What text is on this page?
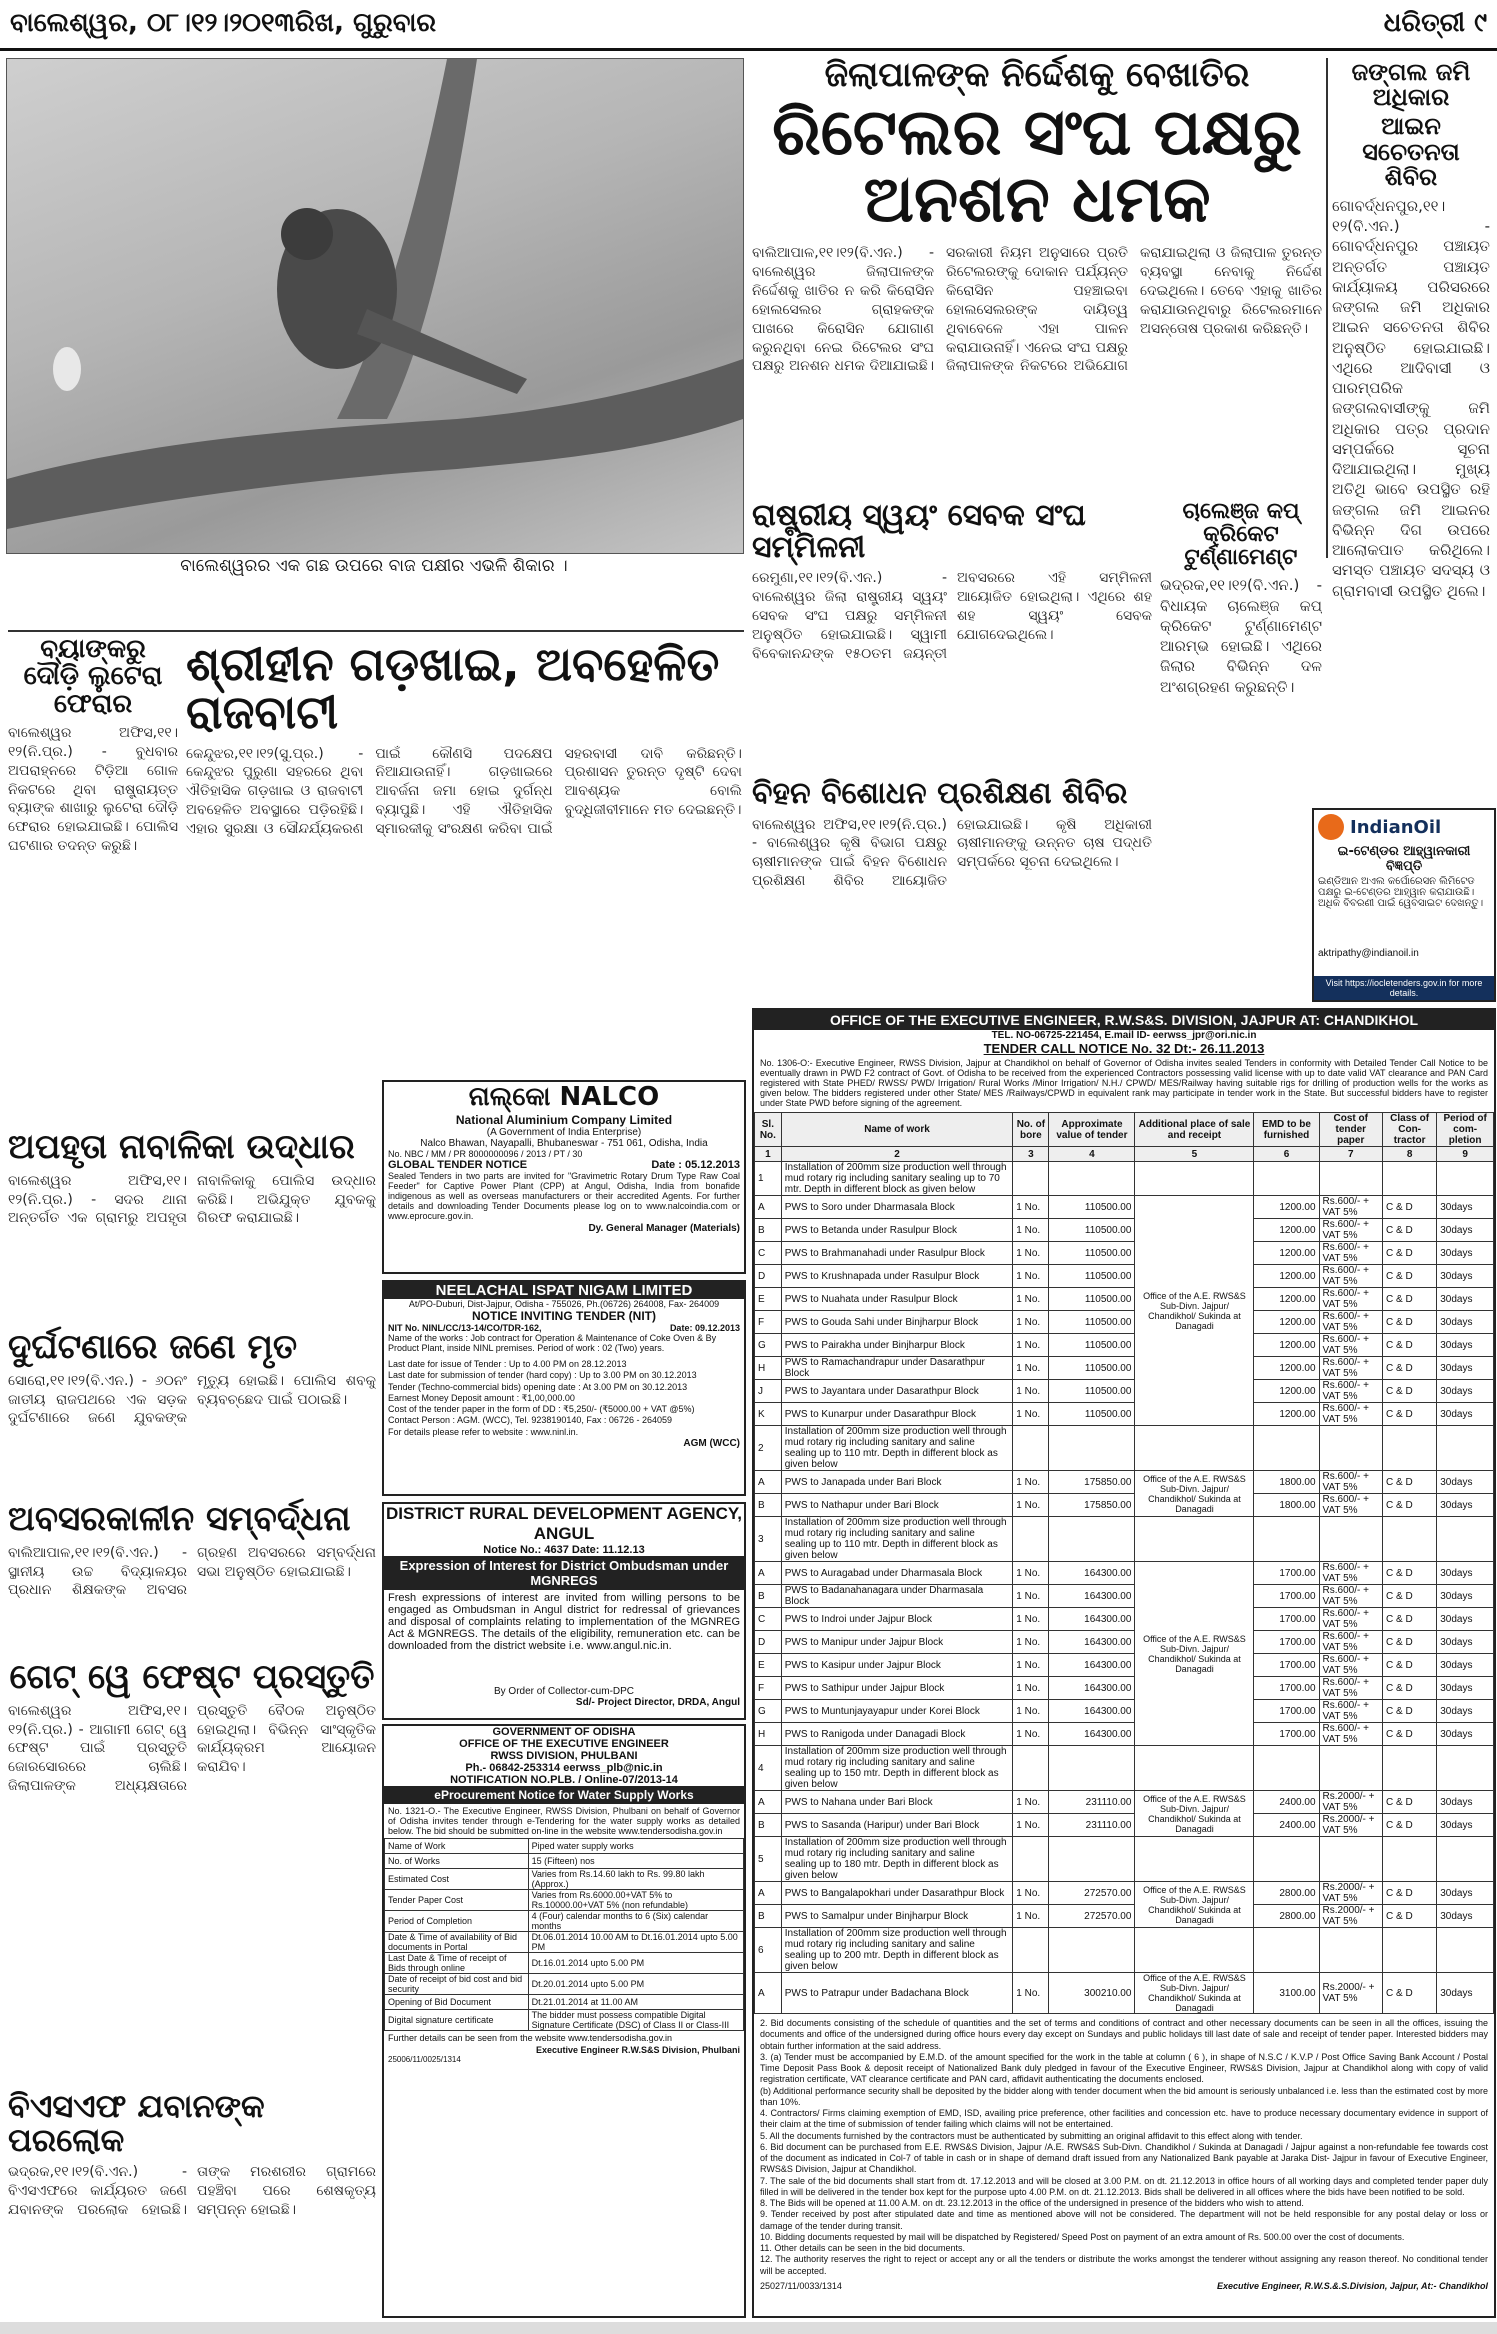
ବାଲେଶ୍ୱର, ୦୮।୧୨।୨୦୧୩ରିଖ, ଗୁରୁବାର	ଧରିତ୍ରୀ ୯
ବାଲେଶ୍ୱରର ଏକ ଗଛ ଉପରେ ବାଜ ପକ୍ଷୀର ଏଭଳି ଶିକାର ।
ଜିଲାପାଳଙ୍କ ନିର୍ଦ୍ଦେଶକୁ ବେଖାତିର
ରିଟେଲର ସଂଘ ପକ୍ଷରୁ ଅନଶନ ଧମକ
ବାଲିଆପାଳ,୧୧।୧୨(ବି.ଏନ.) - ବାଲେଶ୍ୱର ଜିଲାପାଳଙ୍କ ନିର୍ଦ୍ଦେଶକୁ ଖାତିର ନ କରି କିରୋସିନ ହୋଲସେଲର ଗ୍ରାହକଙ୍କ ପାଖରେ କିରୋସିନ ଯୋଗାଣ କରୁନଥିବା ନେଇ ରିଟେଲର ସଂଘ ପକ୍ଷରୁ ଅନଶନ ଧମକ ଦିଆଯାଇଛି। ସରକାରୀ ନିୟମ ଅନୁସାରେ ପ୍ରତି ରିଟେଲରଙ୍କୁ ଦୋକାନ ପର୍ଯ୍ୟନ୍ତ କିରୋସିନ ପହଞ୍ଚାଇବା ହୋଲସେଲରଙ୍କ ଦାୟିତ୍ୱ ଥିବାବେଳେ ଏହା ପାଳନ କରାଯାଉନାହିଁ। ଏନେଇ ସଂଘ ପକ୍ଷରୁ ଜିଲାପାଳଙ୍କ ନିକଟରେ ଅଭିଯୋଗ କରାଯାଇଥିଲା ଓ ଜିଲାପାଳ ତୁରନ୍ତ ବ୍ୟବସ୍ଥା ନେବାକୁ ନିର୍ଦ୍ଦେଶ ଦେଇଥିଲେ। ତେବେ ଏହାକୁ ଖାତିର କରାଯାଉନଥିବାରୁ ରିଟେଲରମାନେ ଅସନ୍ତୋଷ ପ୍ରକାଶ କରିଛନ୍ତି।
ଜଙ୍ଗଲ ଜମି ଅଧିକାର
ଆଇନ ସଚେତନତା ଶିବିର
ଗୋବର୍ଦ୍ଧନପୁର,୧୧।୧୨(ବି.ଏନ.) - ଗୋବର୍ଦ୍ଧନପୁର ପଞ୍ଚାୟତ ଅନ୍ତର୍ଗତ ପଞ୍ଚାୟତ କାର୍ଯ୍ୟାଳୟ ପରିସରରେ ଜଙ୍ଗଲ ଜମି ଅଧିକାର ଆଇନ ସଚେତନତା ଶିବିର ଅନୁଷ୍ଠିତ ହୋଇଯାଇଛି। ଏଥିରେ ଆଦିବାସୀ ଓ ପାରମ୍ପରିକ ଜଙ୍ଗଲବାସୀଙ୍କୁ ଜମି ଅଧିକାର ପତ୍ର ପ୍ରଦାନ ସମ୍ପର୍କରେ ସୂଚନା ଦିଆଯାଇଥିଲା। ମୁଖ୍ୟ ଅତିଥି ଭାବେ ଉପସ୍ଥିତ ରହି ଜଙ୍ଗଲ ଜମି ଆଇନର ବିଭିନ୍ନ ଦିଗ ଉପରେ ଆଲୋକପାତ କରିଥିଲେ। ସମସ୍ତ ପଞ୍ଚାୟତ ସଦସ୍ୟ ଓ ଗ୍ରାମବାସୀ ଉପସ୍ଥିତ ଥିଲେ।
ରାଷ୍ଟ୍ରୀୟ ସ୍ୱୟଂ ସେବକ ସଂଘ ସମ୍ମିଳନୀ
ରେମୁଣା,୧୧।୧୨(ବି.ଏନ.) - ବାଲେଶ୍ୱର ଜିଲା ରାଷ୍ଟ୍ରୀୟ ସ୍ୱୟଂ ସେବକ ସଂଘ ପକ୍ଷରୁ ସମ୍ମିଳନୀ ଅନୁଷ୍ଠିତ ହୋଇଯାଇଛି। ସ୍ୱାମୀ ବିବେକାନନ୍ଦଙ୍କ ୧୫୦ତମ ଜୟନ୍ତୀ ଅବସରରେ ଏହି ସମ୍ମିଳନୀ ଆୟୋଜିତ ହୋଇଥିଲା। ଏଥିରେ ଶହ ଶହ ସ୍ୱୟଂ ସେବକ ଯୋଗଦେଇଥିଲେ।
ଚାଲେଞ୍ଜ କପ୍ କ୍ରିକେଟ ଟୁର୍ଣ୍ଣାମେଣ୍ଟ
ଭଦ୍ରକ,୧୧।୧୨(ବି.ଏନ.) - ବିଧାୟକ ଚାଲେଞ୍ଜ କପ୍ କ୍ରିକେଟ ଟୁର୍ଣ୍ଣାମେଣ୍ଟ ଆରମ୍ଭ ହୋଇଛି। ଏଥିରେ ଜିଲାର ବିଭିନ୍ନ ଦଳ ଅଂଶଗ୍ରହଣ କରୁଛନ୍ତି।
ବିହନ ବିଶୋଧନ ପ୍ରଶିକ୍ଷଣ ଶିବିର
ବାଲେଶ୍ୱର ଅଫିସ,୧୧।୧୨(ନି.ପ୍ର.) - ବାଲେଶ୍ୱର କୃଷି ବିଭାଗ ପକ୍ଷରୁ ଚାଷୀମାନଙ୍କ ପାଇଁ ବିହନ ବିଶୋଧନ ପ୍ରଶିକ୍ଷଣ ଶିବିର ଆୟୋଜିତ ହୋଇଯାଇଛି। କୃଷି ଅଧିକାରୀ ଚାଷୀମାନଙ୍କୁ ଉନ୍ନତ ଚାଷ ପଦ୍ଧତି ସମ୍ପର୍କରେ ସୂଚନା ଦେଇଥିଲେ।
IndianOil
ଇ-ଟେଣ୍ଡର ଆହ୍ୱାନକାରୀ ବିଜ୍ଞପ୍ତି
ଇଣ୍ଡିଆନ ଅଏଲ କର୍ପୋରେସନ ଲିମିଟେଡ ପକ୍ଷରୁ ଇ-ଟେଣ୍ଡର ଆହ୍ୱାନ କରାଯାଉଛି। ଅଧିକ ବିବରଣୀ ପାଇଁ ୱେବସାଇଟ ଦେଖନ୍ତୁ।
aktripathy@indianoil.in
Visit https://iocletenders.gov.in for more details.
ବ୍ୟାଙ୍କରୁ ଦୌଡ଼ି ଲୁଟେରା ଫେରାର
ବାଲେଶ୍ୱର ଅଫିସ,୧୧।୧୨(ନି.ପ୍ର.) - ବୁଧବାର ଅପରାହ୍ନରେ ଟିଡ଼ିଆ ଗୋଳ ନିକଟରେ ଥିବା ରାଷ୍ଟ୍ରାୟତ୍ତ ବ୍ୟାଙ୍କ ଶାଖାରୁ ଲୁଟେରା ଦୌଡ଼ି ଫେରାର ହୋଇଯାଇଛି। ପୋଲିସ ଘଟଣାର ତଦନ୍ତ କରୁଛି।
ଶ୍ରୀହୀନ ଗଡ଼ଖାଇ, ଅବହେଳିତ ରାଜବାଟୀ
କେନ୍ଦୁଝର,୧୧।୧୨(ସୁ.ପ୍ର.) - କେନ୍ଦୁଝର ପୁରୁଣା ସହରରେ ଥିବା ଐତିହାସିକ ଗଡ଼ଖାଇ ଓ ରାଜବାଟୀ ଅବହେଳିତ ଅବସ୍ଥାରେ ପଡ଼ିରହିଛି। ଏହାର ସୁରକ୍ଷା ଓ ସୌନ୍ଦର୍ଯ୍ୟକରଣ ପାଇଁ କୌଣସି ପଦକ୍ଷେପ ନିଆଯାଉନାହିଁ। ଗଡ଼ଖାଇରେ ଆବର୍ଜନା ଜମା ହୋଇ ଦୁର୍ଗନ୍ଧ ବ୍ୟାପୁଛି। ଏହି ଐତିହାସିକ ସ୍ମାରକୀକୁ ସଂରକ୍ଷଣ କରିବା ପାଇଁ ସହରବାସୀ ଦାବି କରିଛନ୍ତି। ପ୍ରଶାସନ ତୁରନ୍ତ ଦୃଷ୍ଟି ଦେବା ଆବଶ୍ୟକ ବୋଲି ବୁଦ୍ଧିଜୀବୀମାନେ ମତ ଦେଇଛନ୍ତି।
ଅପହୃତା ନାବାଳିକା ଉଦ୍ଧାର
ବାଲେଶ୍ୱର ଅଫିସ,୧୧।୧୨(ନି.ପ୍ର.) - ସଦର ଥାନା ଅନ୍ତର୍ଗତ ଏକ ଗ୍ରାମରୁ ଅପହୃତା ନାବାଳିକାକୁ ପୋଲିସ ଉଦ୍ଧାର କରିଛି। ଅଭିଯୁକ୍ତ ଯୁବକକୁ ଗିରଫ କରାଯାଇଛି।
ଦୁର୍ଘଟଣାରେ ଜଣେ ମୃତ
ସୋରୋ,୧୧।୧୨(ବି.ଏନ.) - ୬୦ନଂ ଜାତୀୟ ରାଜପଥରେ ଏକ ସଡ଼କ ଦୁର୍ଘଟଣାରେ ଜଣେ ଯୁବକଙ୍କ ମୃତ୍ୟୁ ହୋଇଛି। ପୋଲିସ ଶବକୁ ବ୍ୟବଚ୍ଛେଦ ପାଇଁ ପଠାଇଛି।
ଅବସରକାଳୀନ ସମ୍ବର୍ଦ୍ଧନା
ବାଲିଆପାଳ,୧୧।୧୨(ବି.ଏନ.) - ସ୍ଥାନୀୟ ଉଚ୍ଚ ବିଦ୍ୟାଳୟର ପ୍ରଧାନ ଶିକ୍ଷକଙ୍କ ଅବସର ଗ୍ରହଣ ଅବସରରେ ସମ୍ବର୍ଦ୍ଧନା ସଭା ଅନୁଷ୍ଠିତ ହୋଇଯାଇଛି।
ଗେଟ୍ ୱେ ଫେଷ୍ଟ ପ୍ରସ୍ତୁତି
ବାଲେଶ୍ୱର ଅଫିସ,୧୧।୧୨(ନି.ପ୍ର.) - ଆଗାମୀ ଗେଟ୍ ୱେ ଫେଷ୍ଟ ପାଇଁ ପ୍ରସ୍ତୁତି ଜୋରସୋରରେ ଚାଲିଛି। ଜିଲାପାଳଙ୍କ ଅଧ୍ୟକ୍ଷତାରେ ପ୍ରସ୍ତୁତି ବୈଠକ ଅନୁଷ୍ଠିତ ହୋଇଥିଲା। ବିଭିନ୍ନ ସାଂସ୍କୃତିକ କାର୍ଯ୍ୟକ୍ରମ ଆୟୋଜନ କରାଯିବ।
ବିଏସଏଫ ଯବାନଙ୍କ ପରଲୋକ
ଭଦ୍ରକ,୧୧।୧୨(ବି.ଏନ.) - ବିଏସଏଫରେ କାର୍ଯ୍ୟରତ ଜଣେ ଯବାନଙ୍କ ପରଲୋକ ହୋଇଛି। ତାଙ୍କ ମରଶରୀର ଗ୍ରାମରେ ପହଞ୍ଚିବା ପରେ ଶେଷକୃତ୍ୟ ସମ୍ପନ୍ନ ହୋଇଛି।
ନାଲ୍କୋ NALCO
National Aluminium Company Limited
(A Government of India Enterprise)
Nalco Bhawan, Nayapalli, Bhubaneswar - 751 061, Odisha, India
No. NBC / MM / PR 8000000096 / 2013 / PT / 30
GLOBAL TENDER NOTICE	Date : 05.12.2013
Sealed Tenders in two parts are invited for "Gravimetric Rotary Drum Type Raw Coal Feeder" for Captive Power Plant (CPP) at Angul, Odisha, India from bonafide indigenous as well as overseas manufacturers or their accredited Agents. For further details and downloading Tender Documents please log on to www.nalcoindia.com or www.eprocure.gov.in.
Dy. General Manager (Materials)
NEELACHAL ISPAT NIGAM LIMITED
At/PO-Duburi, Dist-Jajpur, Odisha - 755026, Ph.(06726) 264008, Fax- 264009
NOTICE INVITING TENDER (NIT)
NIT No. NINL/CC/13-14/CO/TDR-162,	Date: 09.12.2013
Name of the works : Job contract for Operation & Maintenance of Coke Oven & By Product Plant, inside NINL premises. Period of work : 02 (Two) years.
Last date for issue of Tender : Up to 4.00 PM on 28.12.2013
Last date for submission of tender (hard copy) : Up to 3.00 PM on 30.12.2013
Tender (Techno-commercial bids) opening date : At 3.00 PM on 30.12.2013
Earnest Money Deposit amount : ₹1,00,000.00
Cost of the tender paper in the form of DD : ₹5,250/- (₹5000.00 + VAT @5%)
Contact Person : AGM. (WCC), Tel. 9238190140, Fax : 06726 - 264059
For details please refer to website : www.ninl.in.
AGM (WCC)
DISTRICT RURAL DEVELOPMENT AGENCY, ANGUL
Notice No.: 4637 Date: 11.12.13
Expression of Interest for District Ombudsman under MGNREGS
Fresh expressions of interest are invited from willing persons to be engaged as Ombudsman in Angul district for redressal of grievances and disposal of complaints relating to implementation of the MGNREG Act & MGNREGS. The details of the eligibility, remuneration etc. can be downloaded from the district website i.e. www.angul.nic.in.
By Order of Collector-cum-DPC
Sd/- Project Director, DRDA, Angul
GOVERNMENT OF ODISHA
OFFICE OF THE EXECUTIVE ENGINEER
RWSS DIVISION, PHULBANI
Ph.- 06842-253314 eerwss_plb@nic.in
NOTIFICATION NO.PLB. / Online-07/2013-14
eProcurement Notice for Water Supply Works
No. 1321-O.- The Executive Engineer, RWSS Division, Phulbani on behalf of Governor of Odisha invites tender through e-Tendering for the water supply works as detailed below. The bid should be submitted on-line in the website www.tendersodisha.gov.in
Name of Work	Piped water supply works
No. of Works	15 (Fifteen) nos
Estimated Cost	Varies from Rs.14.60 lakh to Rs. 99.80 lakh (Approx.)
Tender Paper Cost	Varies from Rs.6000.00+VAT 5% to Rs.10000.00+VAT 5% (non refundable)
Period of Completion	4 (Four) calendar months to 6 (Six) calendar months
Date & Time of availability of Bid documents in Portal	Dt.06.01.2014 10.00 AM to Dt.16.01.2014 upto 5.00 PM
Last Date & Time of receipt of Bids through online	Dt.16.01.2014 upto 5.00 PM
Date of receipt of bid cost and bid security	Dt.20.01.2014 upto 5.00 PM
Opening of Bid Document	Dt.21.01.2014 at 11.00 AM
Digital signature certificate	The bidder must possess compatible Digital Signature Certificate (DSC) of Class II or Class-III
Further details can be seen from the website www.tendersodisha.gov.in
Executive Engineer R.W.S&S Division, Phulbani
25006/11/0025/1314
OFFICE OF THE EXECUTIVE ENGINEER, R.W.S&S. DIVISION, JAJPUR AT: CHANDIKHOL
TEL. NO-06725-221454, E.mail ID- eerwss_jpr@ori.nic.in
TENDER CALL NOTICE No. 32 Dt:- 26.11.2013
No. 1306-O:- Executive Engineer, RWSS Division, Jajpur at Chandikhol on behalf of Governor of Odisha invites sealed Tenders in conformity with Detailed Tender Call Notice to be eventually drawn in PWD F2 contract of Govt. of Odisha to be received from the experienced Contractors possessing valid license with up to date valid VAT clearance and PAN Card registered with State PHED/ RWSS/ PWD/ Irrigation/ Rural Works /Minor Irrigation/ N.H./ CPWD/ MES/Railway having suitable rigs for drilling of production wells for the works as given below. The bidders registered under other State/ MES /Railways/CPWD in equivalent rank may participate in tender work in the State. But successful bidders have to register under State PWD before signing of the agreement.
Sl. No.	Name of work	No. of bore	Approximate value of tender	Additional place of sale and receipt	EMD to be furnished	Cost of tender paper	Class of Con-tractor	Period of com-pletion
1	2	3	4	5	6	7	8	9
1	Installation of 200mm size production well through mud rotary rig including sanitary sealing up to 70 mtr. Depth in different block as given below							
A	PWS to Soro under Dharmasala Block	1 No.	110500.00	Office of the A.E. RWS&S Sub-Divn. Jajpur/ Chandikhol/ Sukinda at Danagadi	1200.00	Rs.600/- + VAT 5%	C & D	30days
B	PWS to Betanda under Rasulpur Block	1 No.	110500.00		1200.00	Rs.600/- + VAT 5%	C & D	30days
C	PWS to Brahmanahadi under Rasulpur Block	1 No.	110500.00		1200.00	Rs.600/- + VAT 5%	C & D	30days
D	PWS to Krushnapada under Rasulpur Block	1 No.	110500.00		1200.00	Rs.600/- + VAT 5%	C & D	30days
E	PWS to Nuahata under Rasulpur Block	1 No.	110500.00		1200.00	Rs.600/- + VAT 5%	C & D	30days
F	PWS to Gouda Sahi under Binjharpur Block	1 No.	110500.00		1200.00	Rs.600/- + VAT 5%	C & D	30days
G	PWS to Pairakha under Binjharpur Block	1 No.	110500.00		1200.00	Rs.600/- + VAT 5%	C & D	30days
H	PWS to Ramachandrapur under Dasarathpur Block	1 No.	110500.00		1200.00	Rs.600/- + VAT 5%	C & D	30days
J	PWS to Jayantara under Dasarathpur Block	1 No.	110500.00		1200.00	Rs.600/- + VAT 5%	C & D	30days
K	PWS to Kunarpur under Dasarathpur Block	1 No.	110500.00		1200.00	Rs.600/- + VAT 5%	C & D	30days
2	Installation of 200mm size production well through mud rotary rig including sanitary and saline sealing up to 110 mtr. Depth in different block as given below							
A	PWS to Janapada under Bari Block	1 No.	175850.00	Office of the A.E. RWS&S Sub-Divn. Jajpur/ Chandikhol/ Sukinda at Danagadi	1800.00	Rs.600/- + VAT 5%	C & D	30days
B	PWS to Nathapur under Bari Block	1 No.	175850.00		1800.00	Rs.600/- + VAT 5%	C & D	30days
3	Installation of 200mm size production well through mud rotary rig including sanitary and saline sealing up to 110 mtr. Depth in different block as given below							
A	PWS to Auragabad under Dharmasala Block	1 No.	164300.00	Office of the A.E. RWS&S Sub-Divn. Jajpur/ Chandikhol/ Sukinda at Danagadi	1700.00	Rs.600/- + VAT 5%	C & D	30days
B	PWS to Badanahanagara under Dharmasala Block	1 No.	164300.00		1700.00	Rs.600/- + VAT 5%	C & D	30days
C	PWS to Indroi under Jajpur Block	1 No.	164300.00		1700.00	Rs.600/- + VAT 5%	C & D	30days
D	PWS to Manipur under Jajpur Block	1 No.	164300.00		1700.00	Rs.600/- + VAT 5%	C & D	30days
E	PWS to Kasipur under Jajpur Block	1 No.	164300.00		1700.00	Rs.600/- + VAT 5%	C & D	30days
F	PWS to Sathipur under Jajpur Block	1 No.	164300.00		1700.00	Rs.600/- + VAT 5%	C & D	30days
G	PWS to Muntunjayayapur under Korei Block	1 No.	164300.00		1700.00	Rs.600/- + VAT 5%	C & D	30days
H	PWS to Ranigoda under Danagadi Block	1 No.	164300.00		1700.00	Rs.600/- + VAT 5%	C & D	30days
4	Installation of 200mm size production well through mud rotary rig including sanitary and saline sealing up to 150 mtr. Depth in different block as given below							
A	PWS to Nahana under Bari Block	1 No.	231110.00	Office of the A.E. RWS&S Sub-Divn. Jajpur/ Chandikhol/ Sukinda at Danagadi	2400.00	Rs.2000/- + VAT 5%	C & D	30days
B	PWS to Sasanda (Haripur) under Bari Block	1 No.	231110.00		2400.00	Rs.2000/- + VAT 5%	C & D	30days
5	Installation of 200mm size production well through mud rotary rig including sanitary and saline sealing up to 180 mtr. Depth in different block as given below							
A	PWS to Bangalapokhari under Dasarathpur Block	1 No.	272570.00	Office of the A.E. RWS&S Sub-Divn. Jajpur/ Chandikhol/ Sukinda at Danagadi	2800.00	Rs.2000/- + VAT 5%	C & D	30days
B	PWS to Samalpur under Binjharpur Block	1 No.	272570.00		2800.00	Rs.2000/- + VAT 5%	C & D	30days
6	Installation of 200mm size production well through mud rotary rig including sanitary and saline sealing up to 200 mtr. Depth in different block as given below							
A	PWS to Patrapur under Badachana Block	1 No.	300210.00	Office of the A.E. RWS&S Sub-Divn. Jajpur/ Chandikhol/ Sukinda at Danagadi	3100.00	Rs.2000/- + VAT 5%	C & D	30days
2. Bid documents consisting of the schedule of quantities and the set of terms and conditions of contract and other necessary documents can be seen in all the offices, issuing the documents and office of the undersigned during office hours every day except on Sundays and public holidays till last date of sale and receipt of tender paper. Interested bidders may obtain further information at the said address.
3. (a) Tender must be accompanied by E.M.D. of the amount specified for the work in the table at column ( 6 ), in shape of N.S.C / K.V.P / Post Office Saving Bank Account / Postal Time Deposit Pass Book & deposit receipt of Nationalized Bank duly pledged in favour of the Executive Engineer, RWS&S Division, Jajpur at Chandikhol along with copy of valid registration certificate, VAT clearance certificate and PAN card, affidavit authenticating the documents enclosed.
(b) Additional performance security shall be deposited by the bidder along with tender document when the bid amount is seriously unbalanced i.e. less than the estimated cost by more than 10%.
4. Contractors/ Firms claiming exemption of EMD, ISD, availing price preference, other facilities and concession etc. have to produce necessary documentary evidence in support of their claim at the time of submission of tender failing which claims will not be entertained.
5. All the documents furnished by the contractors must be authenticated by submitting an original affidavit to this effect along with tender.
6. Bid document can be purchased from E.E. RWS&S Division, Jajpur /A.E. RWS&S Sub-Divn. Chandikhol / Sukinda at Danagadi / Jajpur against a non-refundable fee towards cost of the document as indicated in Col-7 of table in cash or in shape of demand draft issued from any Nationalized Bank payable at Jaraka Dist- Jajpur in favour of Executive Engineer, RWS&S Division, Jajpur at Chandikhol.
7. The sale of the bid documents shall start from dt. 17.12.2013 and will be closed at 3.00 P.M. on dt. 21.12.2013 in office hours of all working days and completed tender paper duly filled in will be delivered in the tender box kept for the purpose upto 4.00 P.M. on dt. 21.12.2013. Bids shall be delivered in all offices where the bids have been notified to be sold.
8. The Bids will be opened at 11.00 A.M. on dt. 23.12.2013 in the office of the undersigned in presence of the bidders who wish to attend.
9. Tender received by post after stipulated date and time as mentioned above will not be considered. The department will not be held responsible for any postal delay or loss or damage of the tender during transit.
10. Bidding documents requested by mail will be dispatched by Registered/ Speed Post on payment of an extra amount of Rs. 500.00 over the cost of documents.
11. Other details can be seen in the bid documents.
12. The authority reserves the right to reject or accept any or all the tenders or distribute the works amongst the tenderer without assigning any reason thereof. No conditional tender will be accepted.
25027/11/0033/1314	Executive Engineer, R.W.S.&.S.Division, Jajpur, At:- Chandikhol
